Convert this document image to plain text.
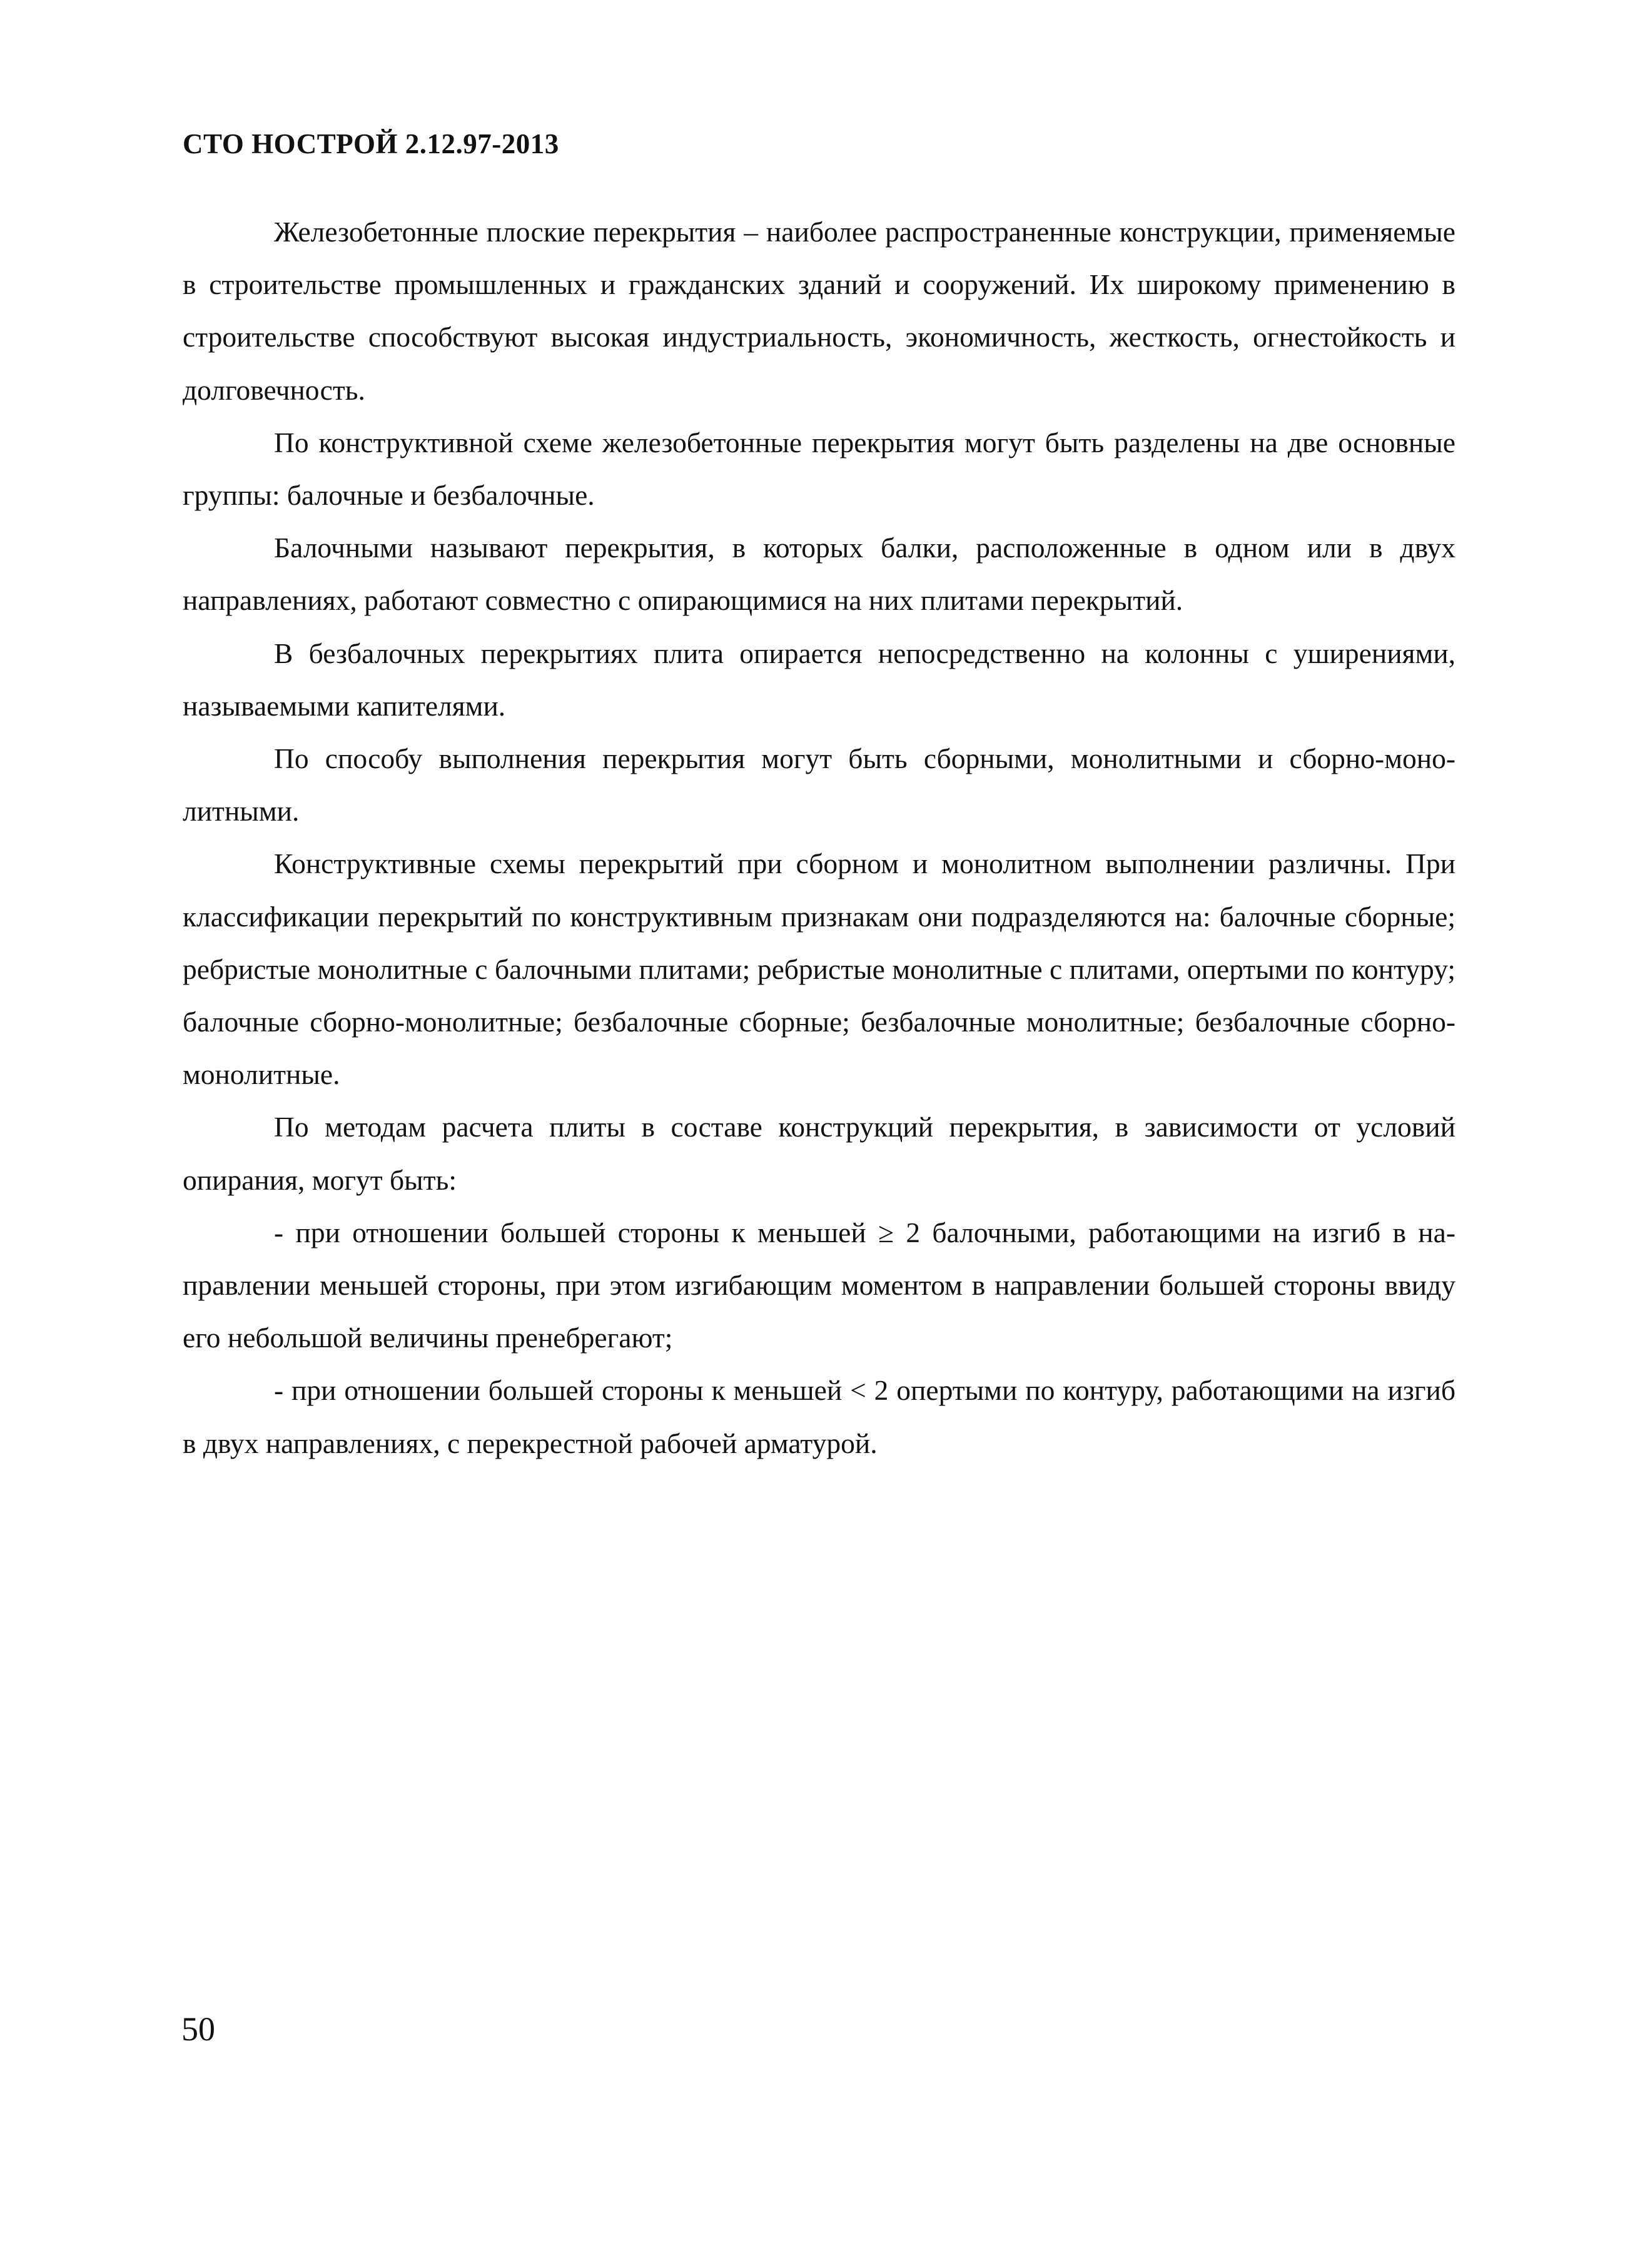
СТО НОСТРОЙ 2.12.97-2013

Железобетонные плоские перекрытия – наиболее распространенные конструкции, применяемые в строительстве промышленных и гражданских зданий и сооружений. Их широкому применению в строительстве способствуют высокая индустриальность, экономичность, жесткость, огнестойкость и долговечность.

По конструктивной схеме железобетонные перекрытия могут быть разделены на две основные группы: балочные и безбалочные.

Балочными называют перекрытия, в которых балки, расположенные в одном или в двух направлениях, работают совместно с опирающимися на них плитами перекрытий.

В безбалочных перекрытиях плита опирается непосредственно на колонны с уширениями, называемыми капителями.

По способу выполнения перекрытия могут быть сборными, монолитными и сборно-монолитными.

Конструктивные схемы перекрытий при сборном и монолитном выполнении различны. При классификации перекрытий по конструктивным признакам они подразделяются на: балочные сборные; ребристые монолитные с балочными плитами; ребристые монолитные с плитами, опертыми по контуру; балочные сборно-монолитные; безбалочные сборные; безбалочные монолитные; безбалочные сборно-монолитные.

По методам расчета плиты в составе конструкций перекрытия, в зависимости от условий опирания, могут быть:

- при отношении большей стороны к меньшей ≥ 2 балочными, работающими на изгиб в направлении меньшей стороны, при этом изгибающим моментом в направлении большей стороны ввиду его небольшой величины пренебрегают;

- при отношении большей стороны к меньшей < 2 опертыми по контуру, работающими на изгиб в двух направлениях, с перекрестной рабочей арматурой.

50
